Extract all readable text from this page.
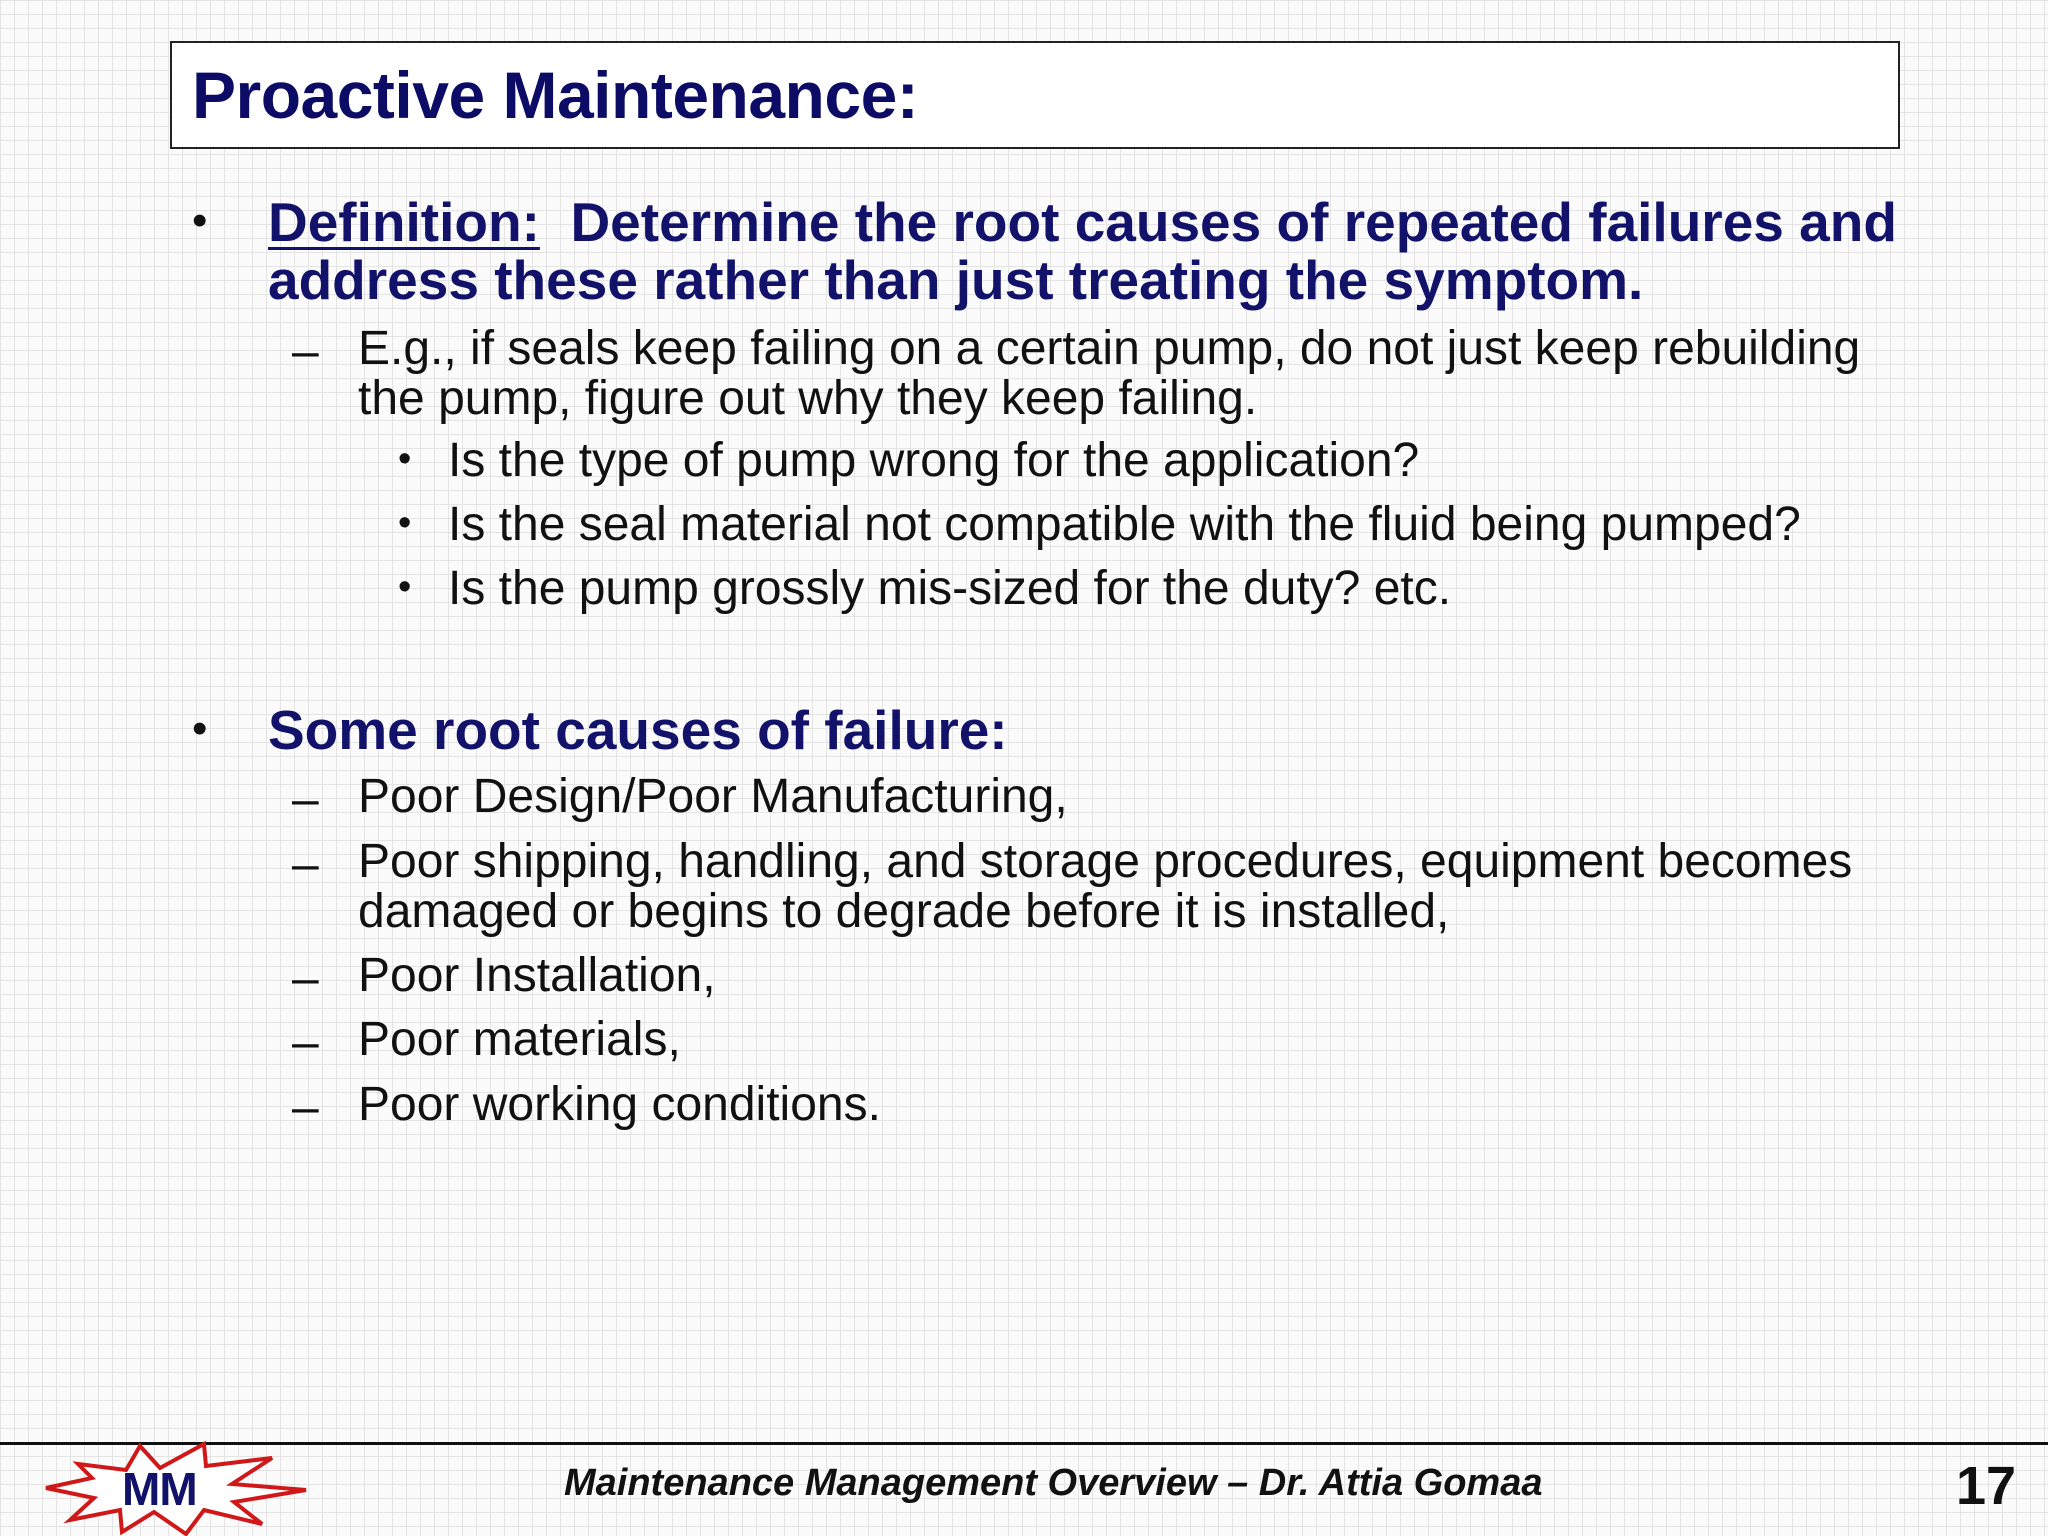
Proactive Maintenance:
• Definition: Determine the root causes of repeated failures and
address these rather than just treating the symptom.
– E.g., if seals keep failing on a certain pump, do not just keep rebuilding
the pump, figure out why they keep failing.
• Is the type of pump wrong for the application?
• Is the seal material not compatible with the fluid being pumped?
• Is the pump grossly mis-sized for the duty? etc.
• Some root causes of failure:
– Poor Design/Poor Manufacturing,
– Poor shipping, handling, and storage procedures, equipment becomes
damaged or begins to degrade before it is installed,
– Poor Installation,
– Poor materials,
– Poor working conditions.
MM	Maintenance Management Overview – Dr. Attia Gomaa	17
